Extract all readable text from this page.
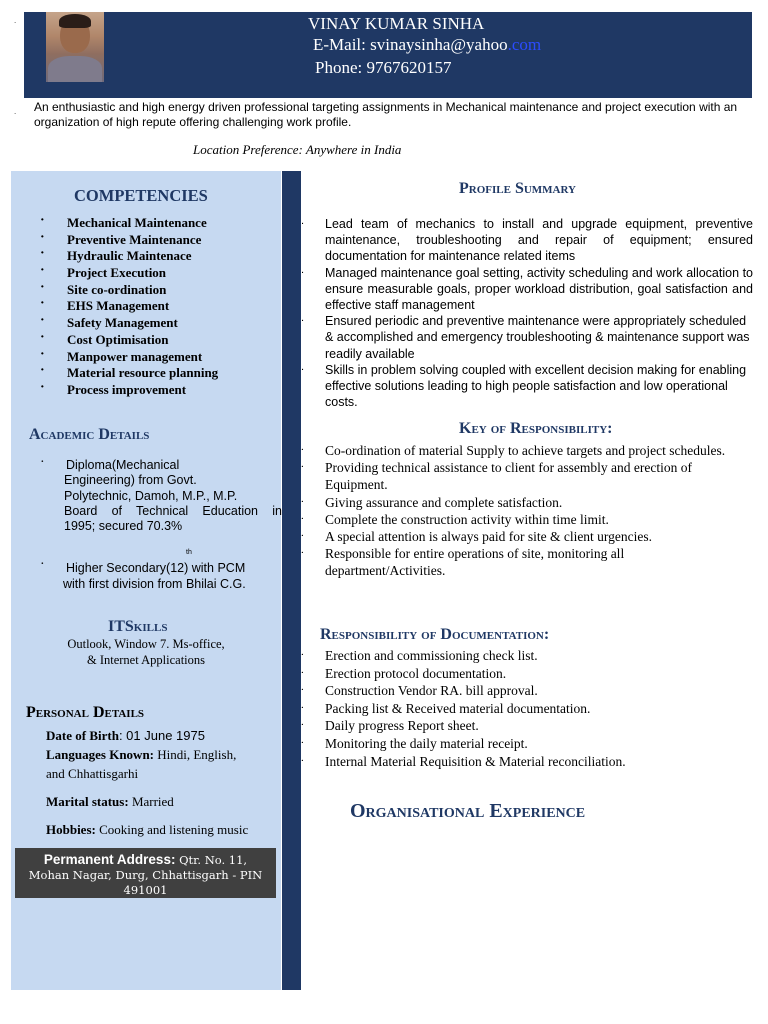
VINAY KUMAR SINHA
E-Mail: svinaysinha@yahoo.com
Phone: 9767620157
.
. An enthusiastic and high energy driven professional targeting assignments in Mechanical maintenance and project execution with an organization of high repute offering challenging work profile.
Location Preference: Anywhere in India
COMPETENCIES
· Mechanical Maintenance
· Preventive Maintenance
· Hydraulic Maintenace
· Project Execution
· Site co-ordination
· EHS Management
· Safety Management
· Cost Optimisation
· Manpower management
· Material resource planning
· Process improvement
Academic Details
· Diploma(Mechanical
Engineering) from Govt.
Polytechnic, Damoh, M.P., M.P.
Board of Technical Education in
1995; secured 70.3%
th
· Higher Secondary(12) with PCM
with first division from Bhilai C.G.
ITSkills
Outlook, Window 7. Ms-office,
& Internet Applications
Personal Details
Date of Birth: 01 June 1975
Languages Known: Hindi, English,
and Chhattisgarhi
Marital status: Married
Hobbies: Cooking and listening music
Permanent Address: Qtr. No. 11,
Mohan Nagar, Durg, Chhattisgarh - PIN
491001
Profile Summary
. Lead team of mechanics to install and upgrade equipment, preventive maintenance, troubleshooting and repair of equipment; ensured documentation for maintenance related items
. Managed maintenance goal setting, activity scheduling and work allocation to ensure measurable goals, proper workload distribution, goal satisfaction and effective staff management
. Ensured periodic and preventive maintenance were appropriately scheduled & accomplished and emergency troubleshooting & maintenance support was readily available
. Skills in problem solving coupled with excellent decision making for enabling effective solutions leading to high people satisfaction and low operational costs.
Key of Responsibility:
. Co-ordination of material Supply to achieve targets and project schedules.
. Providing technical assistance to client for assembly and erection of Equipment.
. Giving assurance and complete satisfaction.
. Complete the construction activity within time limit.
. A special attention is always paid for site & client urgencies.
. Responsible for entire operations of site, monitoring all department/Activities.
Responsibility of Documentation:
. Erection and commissioning check list.
. Erection protocol documentation.
. Construction Vendor RA. bill approval.
. Packing list & Received material documentation.
. Daily progress Report sheet.
. Monitoring the daily material receipt.
. Internal Material Requisition & Material reconciliation.
Organisational Experience
